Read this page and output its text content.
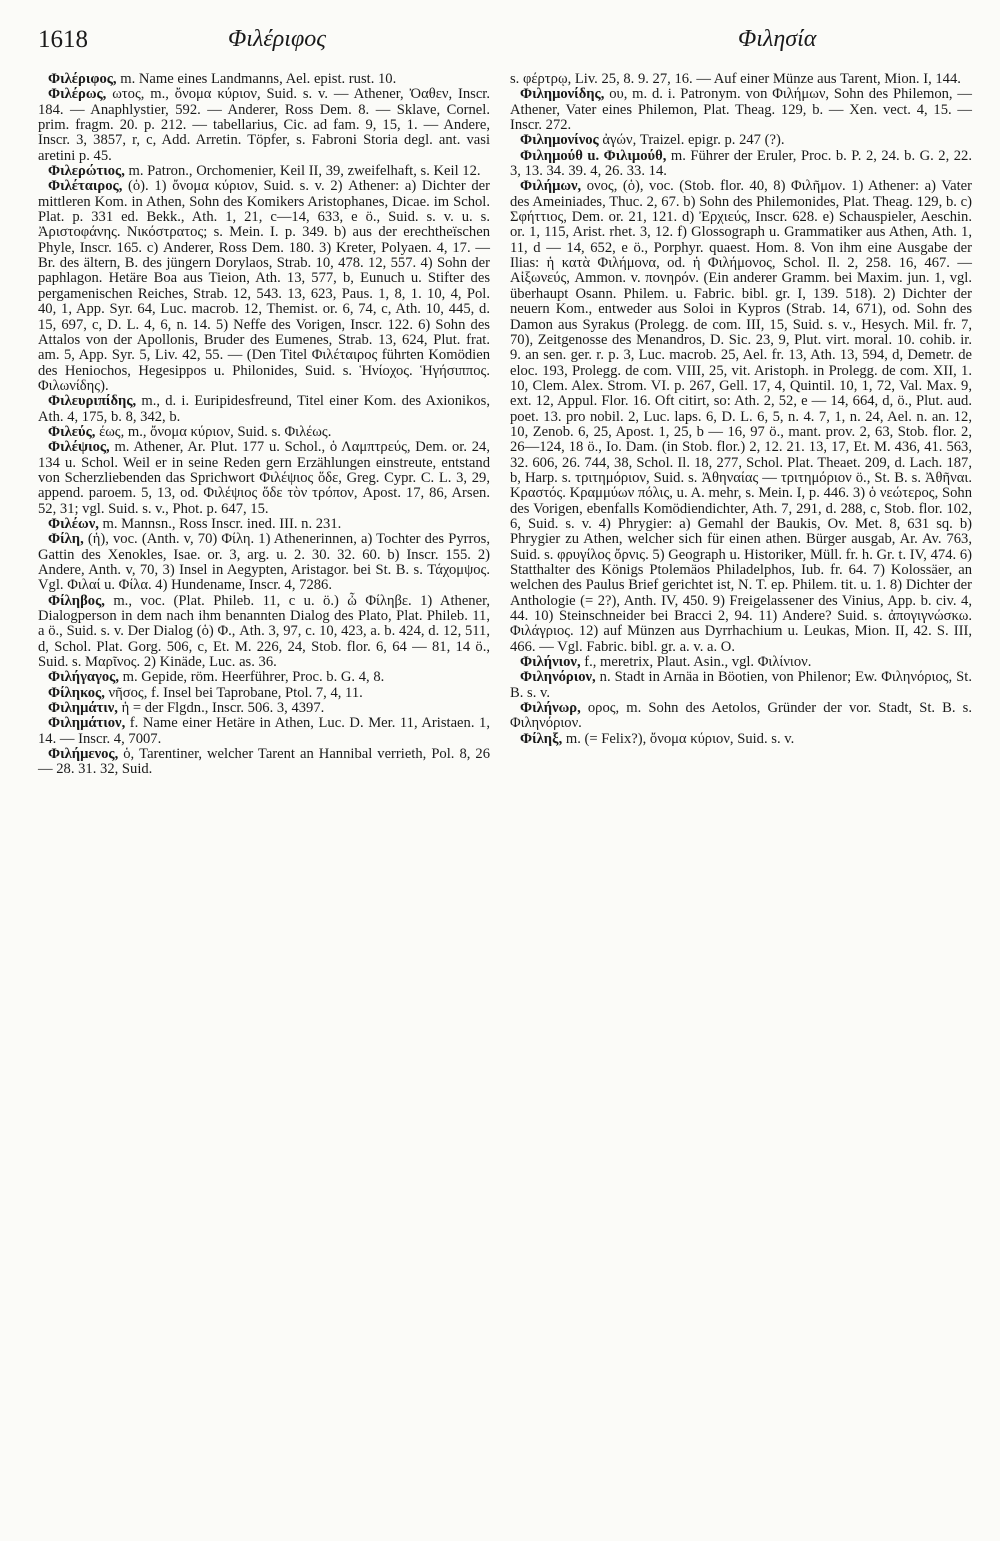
1618	Φιλέριφος	Φιλησία

Φιλέριφος, m. Name eines Landmanns, Ael. epist. rust. 10.

Φιλέρως, ωτος, m., ὄνομα κύριον, Suid. s. v. — Athener, Ὀαθεν, Inscr. 184. — Anaphlystier, 592. — Anderer, Ross Dem. 8. — Sklave, Cornel. prim. fragm. 20. p. 212. — tabellarius, Cic. ad fam. 9, 15, 1. — Andere, Inscr. 3, 3857, r, c, Add. Arretin. Töpfer, s. Fabroni Storia degl. ant. vasi aretini p. 45.

Φιλερώτιος, m. Patron., Orchomenier, Keil II, 39, zweifelhaft, s. Keil 12.

Φιλέταιρος, (ὁ). 1) ὄνομα κύριον, Suid. s. v. 2) Athener: a) Dichter der mittleren Kom. in Athen, Sohn des Komikers Aristophanes, Dicae. im Schol. Plat. p. 331 ed. Bekk., Ath. 1, 21, c—14, 633, e ö., Suid. s. v. u. s. Ἀριστοφάνης. Νικόστρατος; s. Mein. I. p. 349. b) aus der erechtheïschen Phyle, Inscr. 165. c) Anderer, Ross Dem. 180. 3) Kreter, Polyaen. 4, 17. — Br. des ältern, B. des jüngern Dorylaos, Strab. 10, 478. 12, 557. 4) Sohn der paphlagon. Hetäre Boa aus Tieion, Ath. 13, 577, b, Eunuch u. Stifter des pergamenischen Reiches, Strab. 12, 543. 13, 623, Paus. 1, 8, 1. 10, 4, Pol. 40, 1, App. Syr. 64, Luc. macrob. 12, Themist. or. 6, 74, c, Ath. 10, 445, d. 15, 697, c, D. L. 4, 6, n. 14. 5) Neffe des Vorigen, Inscr. 122. 6) Sohn des Attalos von der Apollonis, Bruder des Eumenes, Strab. 13, 624, Plut. frat. am. 5, App. Syr. 5, Liv. 42, 55. — (Den Titel Φιλέταιρος führten Komödien des Heniochos, Hegesippos u. Philonides, Suid. s. Ἡνίοχος. Ἡγήσιππος. Φιλωνίδης).

Φιλευριπίδης, m., d. i. Euripidesfreund, Titel einer Kom. des Axionikos, Ath. 4, 175, b. 8, 342, b.

Φιλεύς, έως, m., ὄνομα κύριον, Suid. s. Φιλέως.

Φιλέψιος, m. Athener, Ar. Plut. 177 u. Schol., ὁ Λαμπτρεύς, Dem. or. 24, 134 u. Schol. Weil er in seine Reden gern Erzählungen einstreute, entstand von Scherzliebenden das Sprichwort Φιλέψιος ὅδε, Greg. Cypr. C. L. 3, 29, append. paroem. 5, 13, od. Φιλέψιος ὅδε τὸν τρόπον, Apost. 17, 86, Arsen. 52, 31; vgl. Suid. s. v., Phot. p. 647, 15.

Φιλέων, m. Mannsn., Ross Inscr. ined. III. n. 231.

Φίλη, (ἡ), voc. (Anth. v, 70) Φίλη. 1) Athenerinnen, a) Tochter des Pyrros, Gattin des Xenokles, Isae. or. 3, arg. u. 2. 30. 32. 60. b) Inscr. 155. 2) Andere, Anth. v, 70, 3) Insel in Aegypten, Aristagor. bei St. B. s. Τάχομψος. Vgl. Φιλαί u. Φίλα. 4) Hundename, Inscr. 4, 7286.

Φίληβος, m., voc. (Plat. Phileb. 11, c u. ö.) ὦ Φίληβε. 1) Athener, Dialogperson in dem nach ihm benannten Dialog des Plato, Plat. Phileb. 11, a ö., Suid. s. v. Der Dialog (ὁ) Φ., Ath. 3, 97, c. 10, 423, a. b. 424, d. 12, 511, d, Schol. Plat. Gorg. 506, c, Et. M. 226, 24, Stob. flor. 6, 64 — 81, 14 ö., Suid. s. Μαρῖνος. 2) Kinäde, Luc. as. 36.

Φιλήγαγος, m. Gepide, röm. Heerführer, Proc. b. G. 4, 8.

Φίληκος, νῆσος, f. Insel bei Taprobane, Ptol. 7, 4, 11.

Φιλημάτιν, ἡ = der Flgdn., Inscr. 506. 3, 4397.

Φιλημάτιον, f. Name einer Hetäre in Athen, Luc. D. Mer. 11, Aristaen. 1, 14. — Inscr. 4, 7007.

Φιλήμενος, ὁ, Tarentiner, welcher Tarent an Hannibal verrieth, Pol. 8, 26 — 28. 31. 32, Suid.

s. φέρτρῳ, Liv. 25, 8. 9. 27, 16. — Auf einer Münze aus Tarent, Mion. I, 144.

Φιλημονίδης, ου, m. d. i. Patronym. von Φιλήμων, Sohn des Philemon, — Athener, Vater eines Philemon, Plat. Theag. 129, b. — Xen. vect. 4, 15. — Inscr. 272.

Φιλημονίνος ἀγών, Traizel. epigr. p. 247 (?).

Φιλημούθ u. Φιλιμούθ, m. Führer der Eruler, Proc. b. P. 2, 24. b. G. 2, 22. 3, 13. 34. 39. 4, 26. 33. 14.

Φιλήμων, ονος, (ὁ), voc. (Stob. flor. 40, 8) Φιλῆμον. 1) Athener: a) Vater des Ameiniades, Thuc. 2, 67. b) Sohn des Philemonides, Plat. Theag. 129, b. c) Σφήττιος, Dem. or. 21, 121. d) Ἐρχιεύς, Inscr. 628. e) Schauspieler, Aeschin. or. 1, 115, Arist. rhet. 3, 12. f) Glossograph u. Grammatiker aus Athen, Ath. 1, 11, d — 14, 652, e ö., Porphyr. quaest. Hom. 8. Von ihm eine Ausgabe der Ilias: ἡ κατὰ Φιλήμονα, od. ἡ Φιλήμονος, Schol. Il. 2, 258. 16, 467. — Αἰξωνεύς, Ammon. v. πονηρόν. (Ein anderer Gramm. bei Maxim. jun. 1, vgl. überhaupt Osann. Philem. u. Fabric. bibl. gr. I, 139. 518). 2) Dichter der neuern Kom., entweder aus Soloi in Kypros (Strab. 14, 671), od. Sohn des Damon aus Syrakus (Prolegg. de com. III, 15, Suid. s. v., Hesych. Mil. fr. 7, 70), Zeitgenosse des Menandros, D. Sic. 23, 9, Plut. virt. moral. 10. cohib. ir. 9. an sen. ger. r. p. 3, Luc. macrob. 25, Ael. fr. 13, Ath. 13, 594, d, Demetr. de eloc. 193, Prolegg. de com. VIII, 25, vit. Aristoph. in Prolegg. de com. XII, 1. 10, Clem. Alex. Strom. VI. p. 267, Gell. 17, 4, Quintil. 10, 1, 72, Val. Max. 9, ext. 12, Appul. Flor. 16. Oft citirt, so: Ath. 2, 52, e — 14, 664, d, ö., Plut. aud. poet. 13. pro nobil. 2, Luc. laps. 6, D. L. 6, 5, n. 4. 7, 1, n. 24, Ael. n. an. 12, 10, Zenob. 6, 25, Apost. 1, 25, b — 16, 97 ö., mant. prov. 2, 63, Stob. flor. 2, 26—124, 18 ö., Io. Dam. (in Stob. flor.) 2, 12. 21. 13, 17, Et. M. 436, 41. 563, 32. 606, 26. 744, 38, Schol. Il. 18, 277, Schol. Plat. Theaet. 209, d. Lach. 187, b, Harp. s. τριτημόριον, Suid. s. Ἀθηναίας — τριτημόριον ö., St. B. s. Ἀθῆναι. Κραστός. Κραμμύων πόλις, u. A. mehr, s. Mein. I, p. 446. 3) ὁ νεώτερος, Sohn des Vorigen, ebenfalls Komödiendichter, Ath. 7, 291, d. 288, c, Stob. flor. 102, 6, Suid. s. v. 4) Phrygier: a) Gemahl der Baukis, Ov. Met. 8, 631 sq. b) Phrygier zu Athen, welcher sich für einen athen. Bürger ausgab, Ar. Av. 763, Suid. s. φρυγίλος ὄρνις. 5) Geograph u. Historiker, Müll. fr. h. Gr. t. IV, 474. 6) Statthalter des Königs Ptolemäos Philadelphos, Iub. fr. 64. 7) Kolossäer, an welchen des Paulus Brief gerichtet ist, N. T. ep. Philem. tit. u. 1. 8) Dichter der Anthologie (= 2?), Anth. IV, 450. 9) Freigelassener des Vinius, App. b. civ. 4, 44. 10) Steinschneider bei Bracci 2, 94. 11) Andere? Suid. s. ἀπογιγνώσκω. Φιλάγριος. 12) auf Münzen aus Dyrrhachium u. Leukas, Mion. II, 42. S. III, 466. — Vgl. Fabric. bibl. gr. a. v. a. O.

Φιλήνιον, f., meretrix, Plaut. Asin., vgl. Φιλίνιον.

Φιληνόριον, n. Stadt in Arnäa in Böotien, von Philenor; Ew. Φιληνόριος, St. B. s. v.

Φιλήνωρ, ορος, m. Sohn des Aetolos, Gründer der vor. Stadt, St. B. s. Φιληνόριον.

Φίληξ, m. (= Felix?), ὄνομα κύριον, Suid. s. v.
